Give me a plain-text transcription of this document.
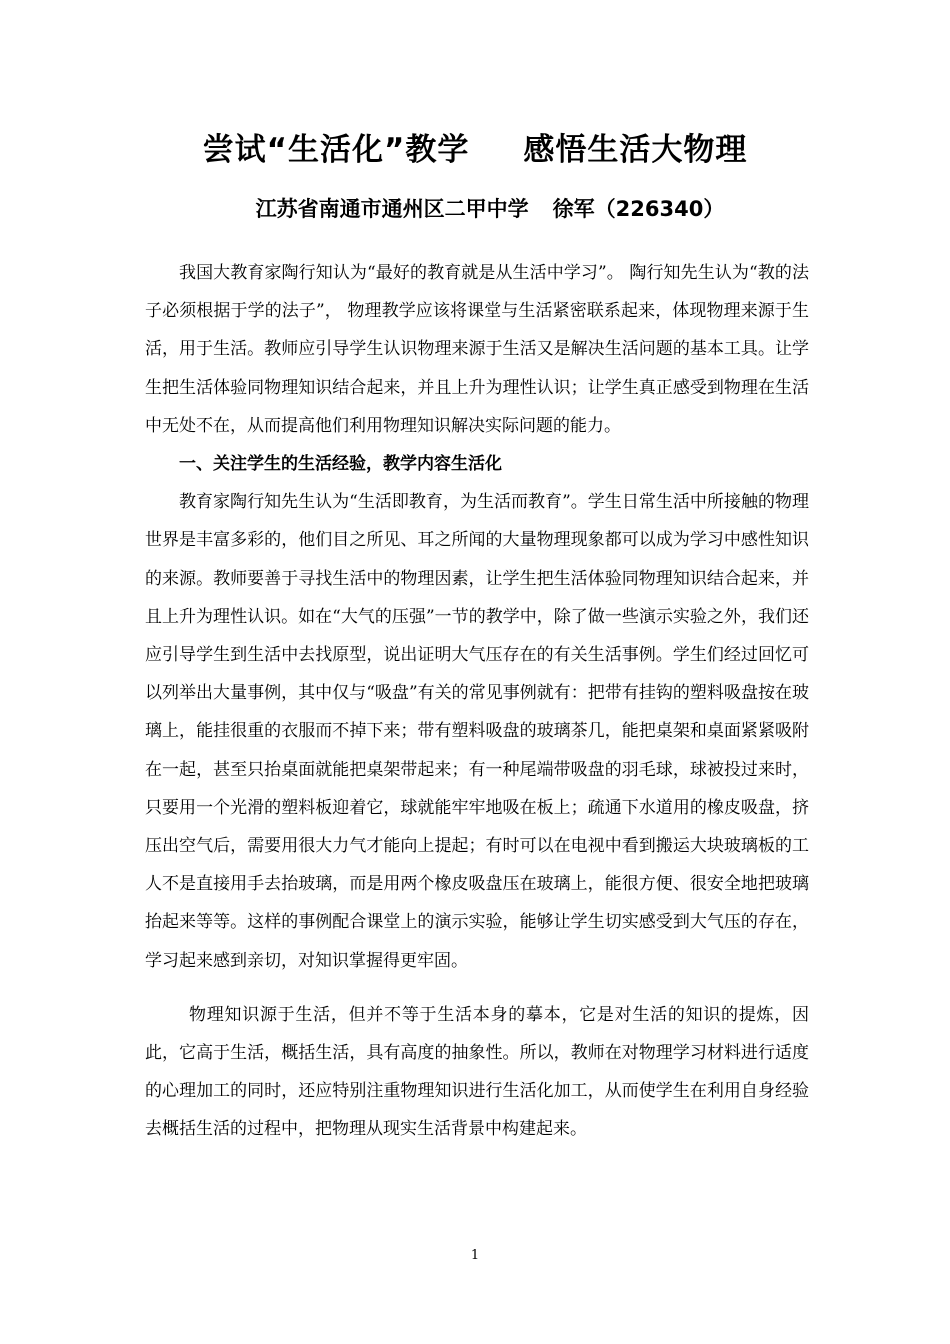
尝试“生活化”教学 感悟生活大物理
江苏省南通市通州区二甲中学 徐军（226340）

我国大教育家陶行知认为“最好的教育就是从生活中学习”。 陶行知先生认为“教的法子必须根据于学的法子”， 物理教学应该将课堂与生活紧密联系起来，体现物理来源于生活，用于生活。教师应引导学生认识物理来源于生活又是解决生活问题的基本工具。让学生把生活体验同物理知识结合起来，并且上升为理性认识；让学生真正感受到物理在生活中无处不在，从而提高他们利用物理知识解决实际问题的能力。

一、关注学生的生活经验，教学内容生活化

教育家陶行知先生认为“生活即教育，为生活而教育”。学生日常生活中所接触的物理世界是丰富多彩的，他们目之所见、耳之所闻的大量物理现象都可以成为学习中感性知识的来源。教师要善于寻找生活中的物理因素，让学生把生活体验同物理知识结合起来，并且上升为理性认识。如在“大气的压强”一节的教学中，除了做一些演示实验之外，我们还应引导学生到生活中去找原型，说出证明大气压存在的有关生活事例。学生们经过回忆可以列举出大量事例，其中仅与“吸盘”有关的常见事例就有：把带有挂钩的塑料吸盘按在玻璃上，能挂很重的衣服而不掉下来；带有塑料吸盘的玻璃茶几，能把桌架和桌面紧紧吸附在一起，甚至只抬桌面就能把桌架带起来；有一种尾端带吸盘的羽毛球，球被投过来时，只要用一个光滑的塑料板迎着它，球就能牢牢地吸在板上；疏通下水道用的橡皮吸盘，挤压出空气后，需要用很大力气才能向上提起；有时可以在电视中看到搬运大块玻璃板的工人不是直接用手去抬玻璃，而是用两个橡皮吸盘压在玻璃上，能很方便、很安全地把玻璃抬起来等等。这样的事例配合课堂上的演示实验，能够让学生切实感受到大气压的存在，学习起来感到亲切，对知识掌握得更牢固。

物理知识源于生活，但并不等于生活本身的摹本，它是对生活的知识的提炼，因此，它高于生活，概括生活，具有高度的抽象性。所以，教师在对物理学习材料进行适度的心理加工的同时，还应特别注重物理知识进行生活化加工，从而使学生在利用自身经验去概括生活的过程中，把物理从现实生活背景中构建起来。

1
